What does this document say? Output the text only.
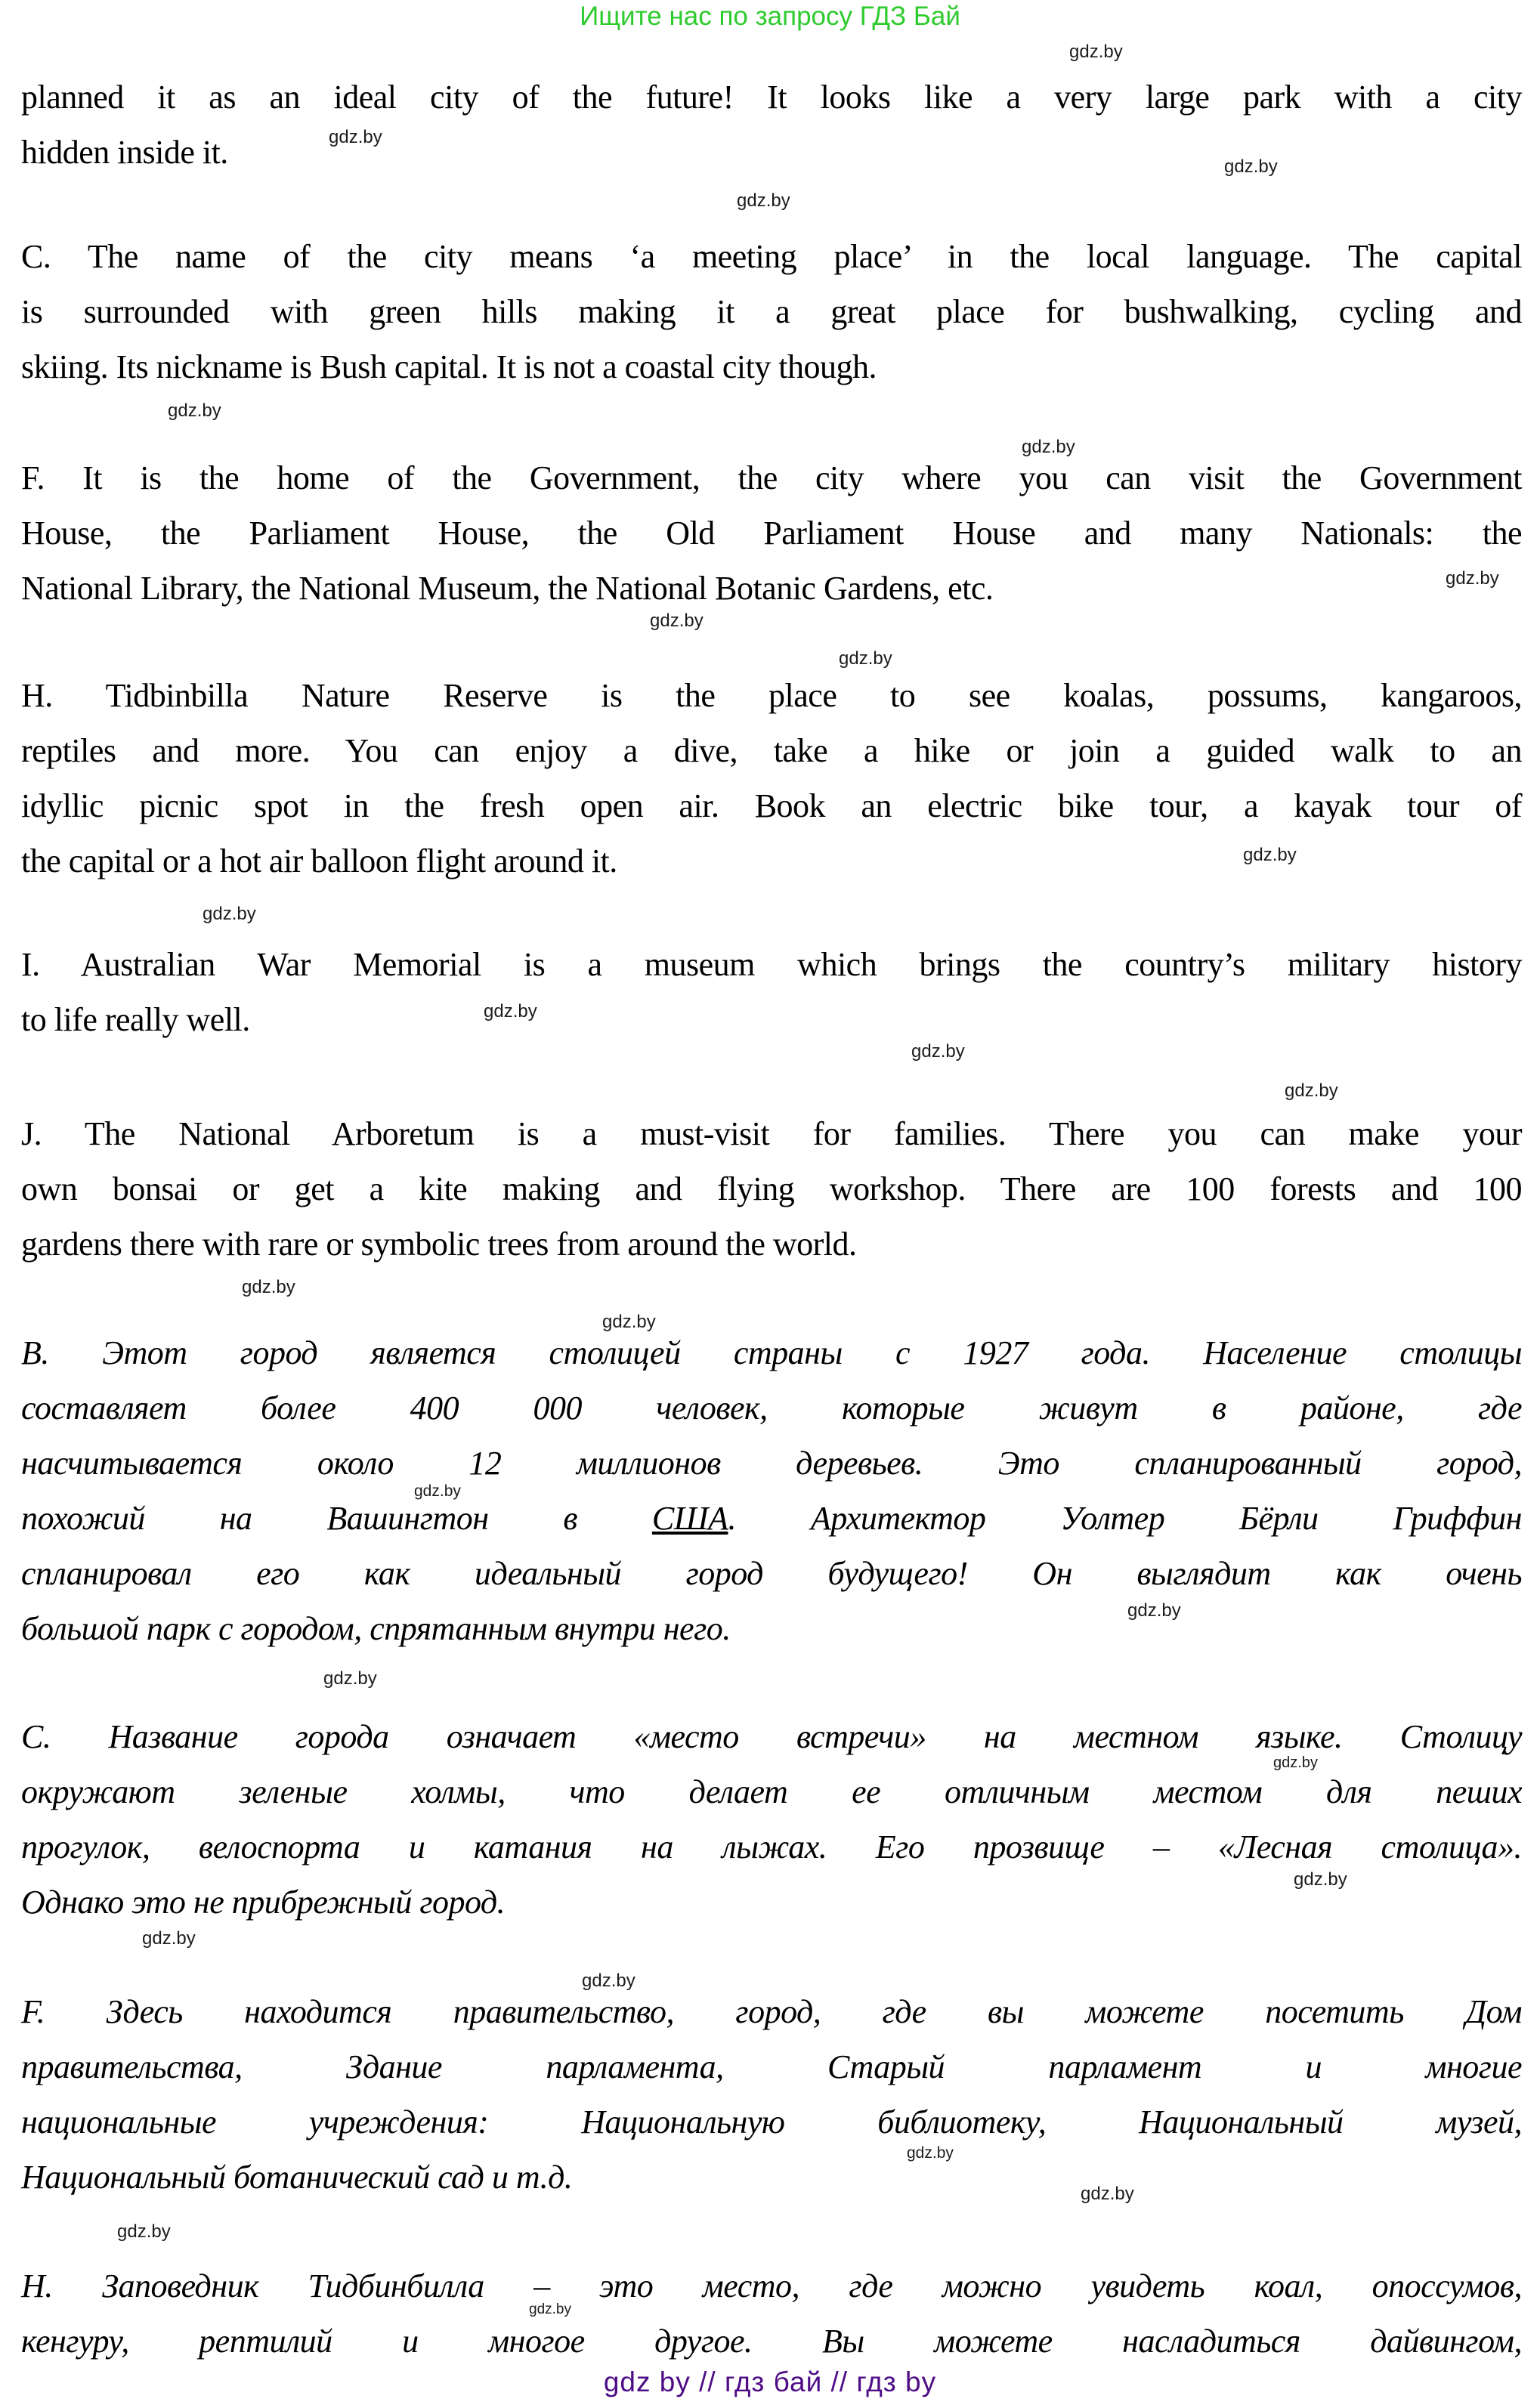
Ищите нас по запросу ГДЗ Бай
planned it as an ideal city of the future! It looks like a very large park with a city
hidden inside it.
C. The name of the city means ‘a meeting place’ in the local language. The capital
is surrounded with green hills making it a great place for bushwalking, cycling and
skiing. Its nickname is Bush capital. It is not a coastal city though.
F. It is the home of the Government, the city where you can visit the Government
House, the Parliament House, the Old Parliament House and many Nationals: the
National Library, the National Museum, the National Botanic Gardens, etc.
H. Tidbinbilla Nature Reserve is the place to see koalas, possums, kangaroos,
reptiles and more. You can enjoy a dive, take a hike or join a guided walk to an
idyllic picnic spot in the fresh open air. Book an electric bike tour, a kayak tour of
the capital or a hot air balloon flight around it.
I. Australian War Memorial is a museum which brings the country’s military history
to life really well.
J. The National Arboretum is a must-visit for families. There you can make your
own bonsai or get a kite making and flying workshop. There are 100 forests and 100
gardens there with rare or symbolic trees from around the world.
В. Этот город является столицей страны с 1927 года. Население столицы
составляет более 400 000 человек, которые живут в районе, где
насчитывается около 12 миллионов деревьев. Это спланированный город,
похожий на Вашингтон в США. Архитектор Уолтер Бёрли Гриффин
спланировал его как идеальный город будущего! Он выглядит как очень
большой парк с городом, спрятанным внутри него.
С. Название города означает «место встречи» на местном языке. Столицу
окружают зеленые холмы, что делает ее отличным местом для пеших
прогулок, велоспорта и катания на лыжах. Его прозвище – «Лесная столица».
Однако это не прибрежный город.
F. Здесь находится правительство, город, где вы можете посетить Дом
правительства, Здание парламента, Старый парламент и многие
национальные учреждения: Национальную библиотеку, Национальный музей,
Национальный ботанический сад и т.д.
Н. Заповедник Тидбинбилла – это место, где можно увидеть коал, опоссумов,
кенгуру, рептилий и многое другое. Вы можете насладиться дайвингом,
gdz.by
gdz.by
gdz.by
gdz.by
gdz.by
gdz.by
gdz.by
gdz.by
gdz.by
gdz.by
gdz.by
gdz.by
gdz.by
gdz.by
gdz.by
gdz.by
gdz.by
gdz.by
gdz.by
gdz.by
gdz.by
gdz.by
gdz.by
gdz.by
gdz.by
gdz.by
gdz.by
gdz by // гдз бай // гдз by
